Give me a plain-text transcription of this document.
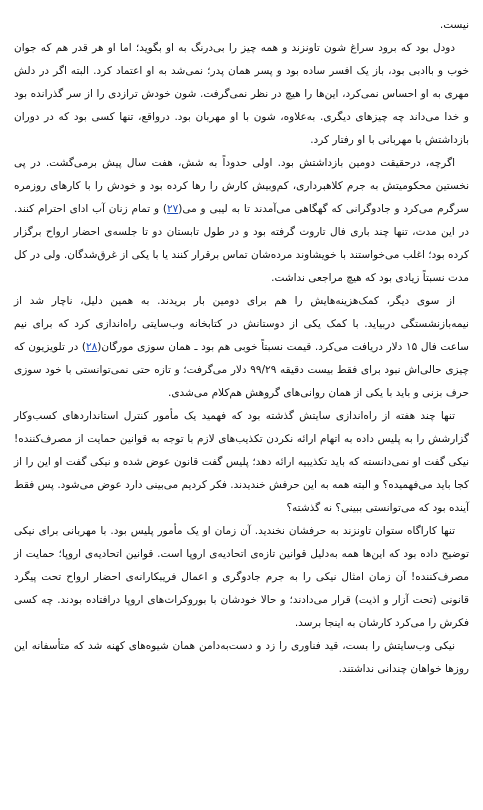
نیست.

دودل بود که برود سراغ شون تاونزند و همه چیز را بی‌درنگ به او بگوید؛ اما او هر قدر هم که جوان خوب و باادبی بود، باز یک افسر ساده بود و پسر همان پدر؛ نمی‌شد به او اعتماد کرد. البته اگر در دلش مهری به او احساس نمی‌کرد، این‌ها را هیچ در نظر نمی‌گرفت. شون خودش ترازدی را از سر گذرانده بود و خدا می‌داند چه چیزهای دیگری. به‌علاوه، شون با او مهربان بود. درواقع، تنها کسی بود که در دوران بازداشتش با مهربانی با او رفتار کرد.

اگرچه، درحقیقت دومین بازداشتش بود. اولی حدوداً به شش، هفت سال پیش برمی‌گشت. در پی نخستین محکومیتش به جرم کلاهبرداری، کم‌وبیش کارش را رها کرده بود و خودش را با کارهای روزمره سرگرم می‌کرد و جادوگرانی که گهگاهی می‌آمدند تا به لیبی و می(۲۷) و تمام زنان آب ادای احترام کنند. در این مدت، تنها چند باری فال تاروت گرفته بود و در طول تابستان دو تا جلسه‌ی احضار ارواح برگزار کرده بود؛ اغلب می‌خواستند با خویشاوند مرده‌شان تماس برقرار کنند یا با یکی از غرق‌شدگان. ولی در کل مدت نسبتاً زیادی بود که هیچ مراجعی نداشت.

از سوی دیگر، کمک‌هزینه‌هایش را هم برای دومین بار بریدند. به همین دلیل، ناچار شد از نیمه‌بازنشستگی دربیاید. با کمک یکی از دوستانش در کتابخانه وب‌سایتی راه‌اندازی کرد که برای نیم ساعت فال ۱۵ دلار دریافت می‌کرد. قیمت نسبتاً خوبی هم بود ـ همان سوزی مورگان(۲۸) در تلویزیون که چیزی حالی‌اش نبود برای فقط بیست دقیقه ۹۹/۲۹ دلار می‌گرفت؛ و تازه حتی نمی‌توانستی با خود سوزی حرف بزنی و باید با یکی از همان روانی‌های گروهش هم‌کلام می‌شدی.

تنها چند هفته از راه‌اندازی سایتش گذشته بود که فهمید یک مأمور کنترل استانداردهای کسب‌وکار گزارشش را به پلیس داده به اتهام ارائه نکردن تکذیب‌های لازم با توجه به قوانین حمایت از مصرف‌کننده! نیکی گفت او نمی‌دانسته که باید تکذیبیه ارائه دهد؛ پلیس گفت قانون عوض شده و نیکی گفت او این را از کجا باید می‌فهمیده؟ و البته همه به این حرفش خندیدند. فکر کردیم می‌بینی دارد عوض می‌شود. پس فقط آینده بود که می‌توانستی ببینی؟ نه گذشته؟

تنها کاراگاه ستوان تاونزند به حرفشان نخندید. آن زمان او یک مأمور پلیس بود. با مهربانی برای نیکی توضیح داده بود که این‌ها همه به‌دلیل قوانین تازه‌ی اتحادیه‌ی اروپا است. قوانین اتحادیه‌ی اروپا؛ حمایت از مصرف‌کننده! آن زمان امثال نیکی را به جرم جادوگری و اعمال فریبکارانه‌ی احضار ارواح تحت پیگرد قانونی (تحت آزار و اذیت) قرار می‌دادند؛ و حالا خودشان با بوروکرات‌های اروپا درافتاده بودند. چه کسی فکرش را می‌کرد کارشان به اینجا برسد.

نیکی وب‌سایتش را بست، قید فناوری را زد و دست‌به‌دامن همان شیوه‌های کهنه شد که متأسفانه این روزها خواهان چندانی نداشتند.
